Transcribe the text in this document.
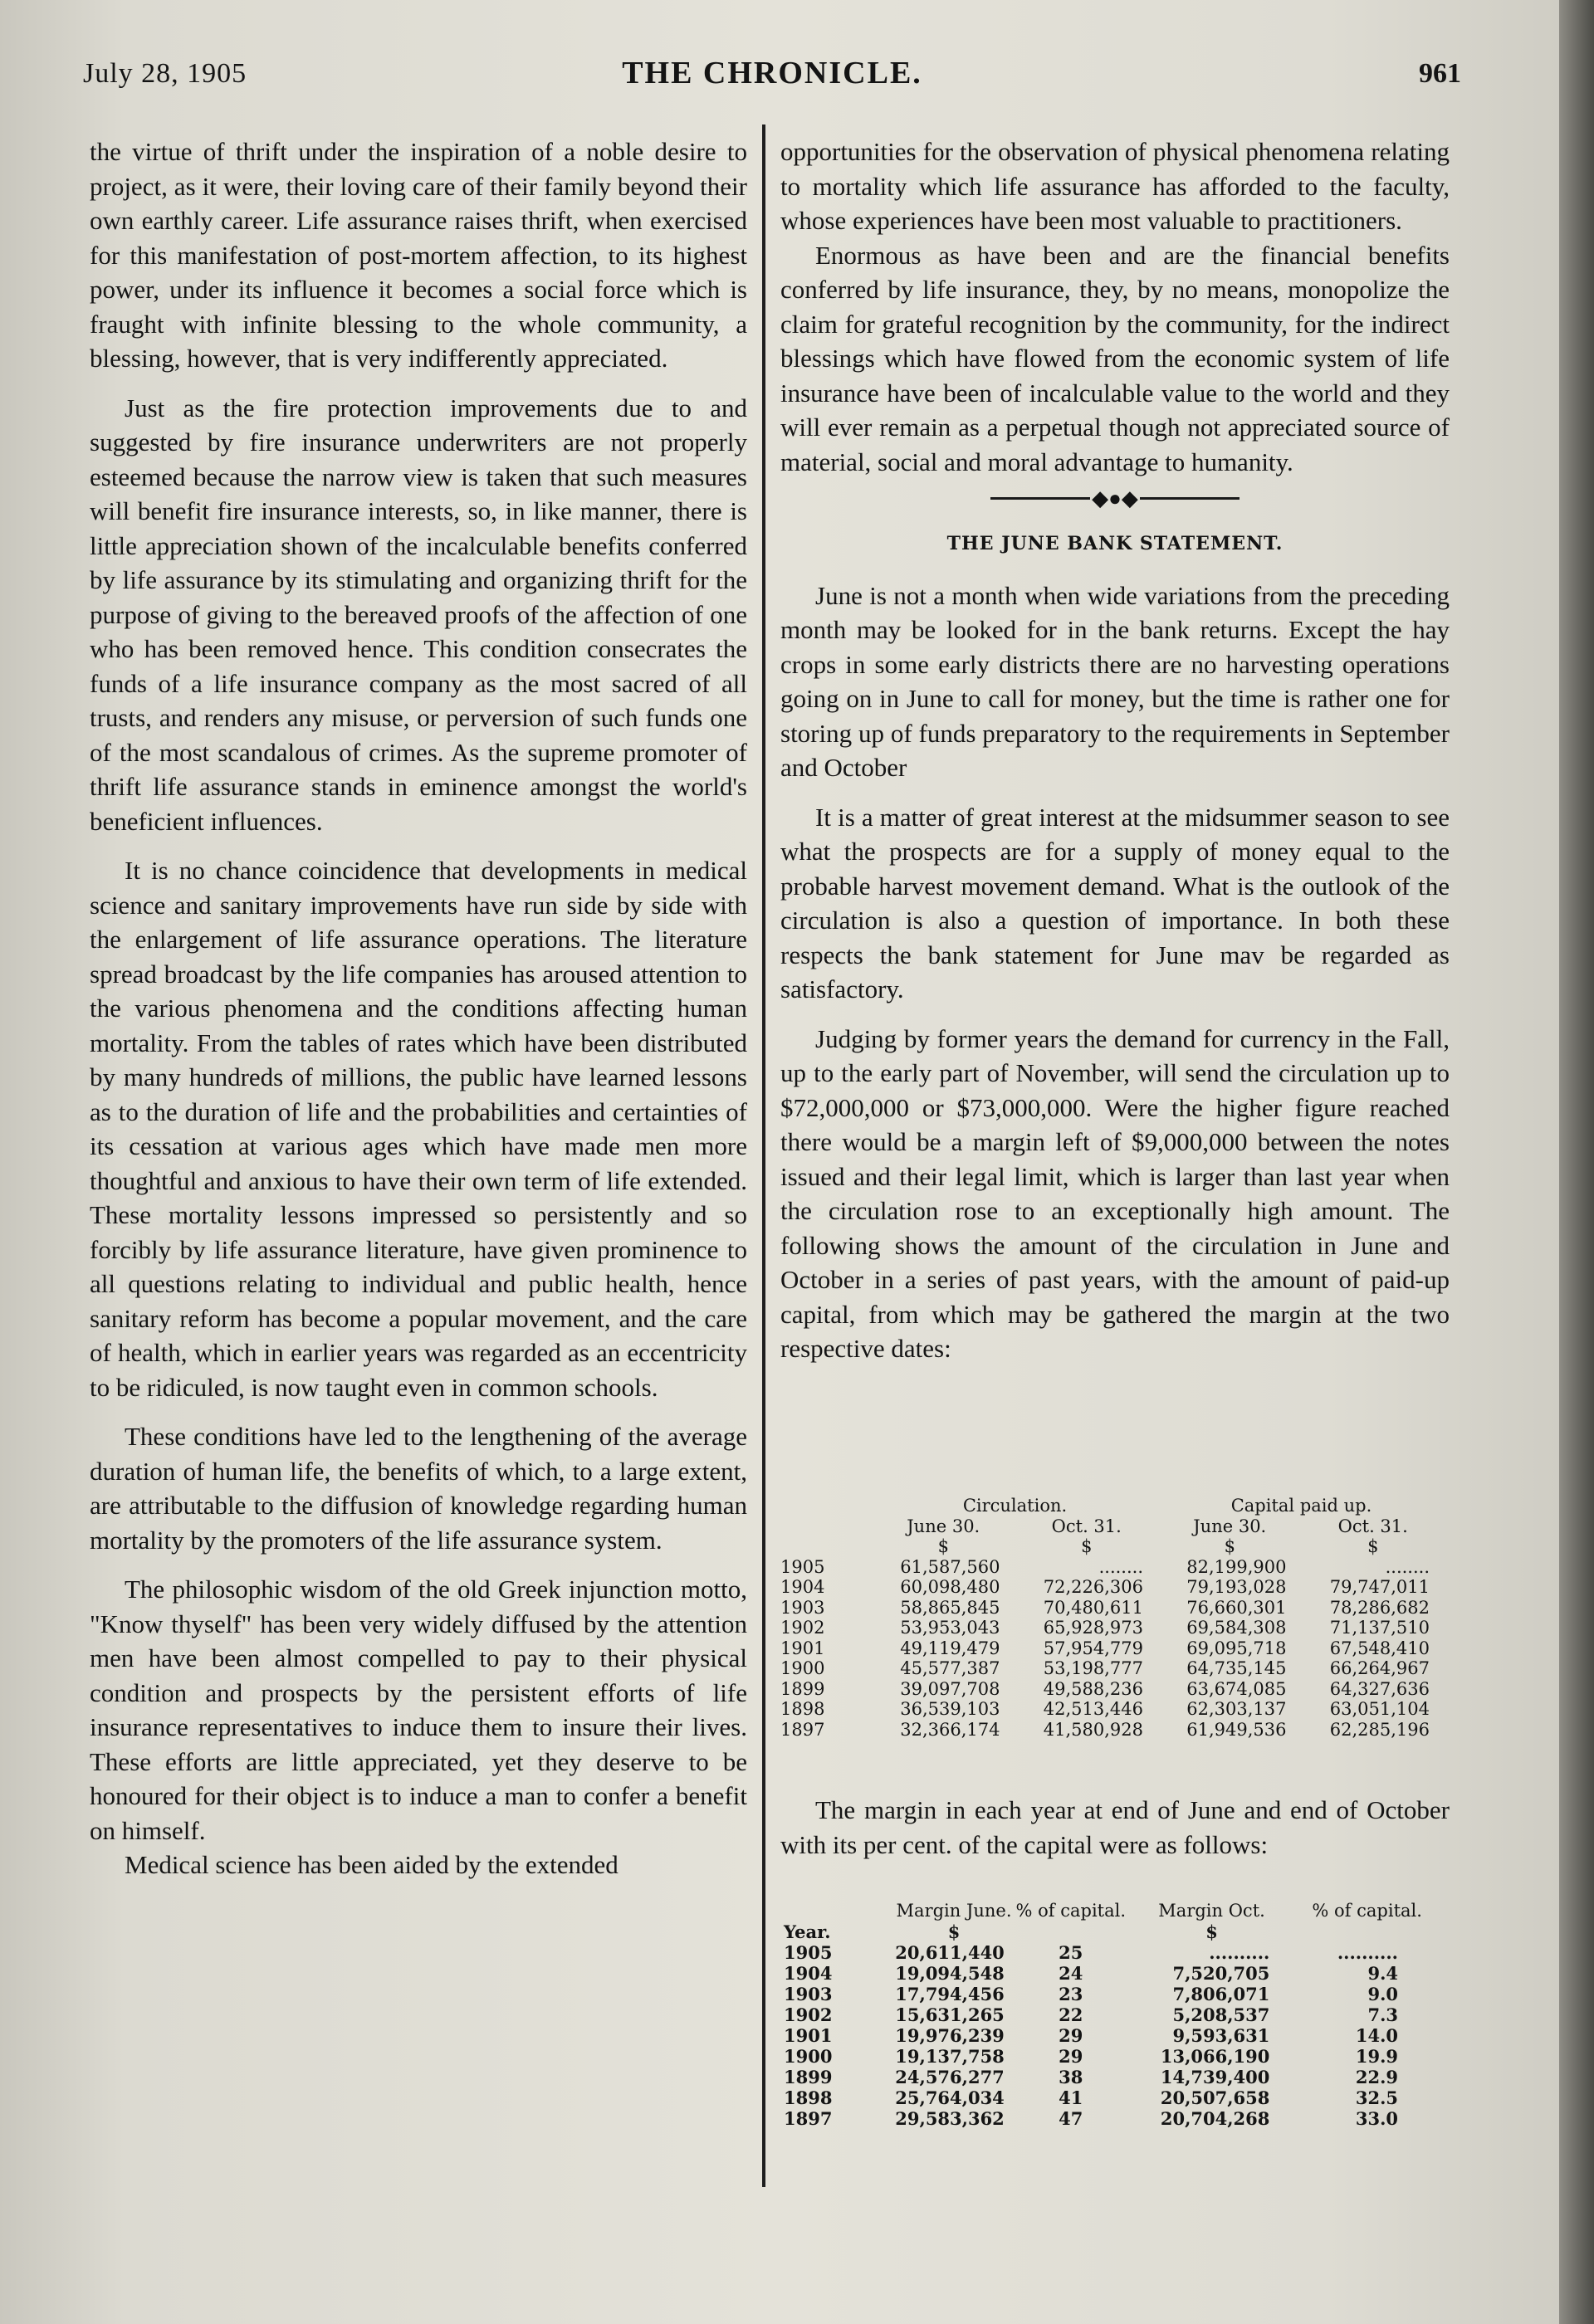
July 28, 1905	THE CHRONICLE.	961

the virtue of thrift under the inspiration of a noble desire to project, as it were, their loving care of their family beyond their own earthly career. Life assurance raises thrift, when exercised for this manifestation of post-mortem affection, to its highest power, under its influence it becomes a social force which is fraught with infinite blessing to the whole community, a blessing, however, that is very indifferently appreciated.

Just as the fire protection improvements due to and suggested by fire insurance underwriters are not properly esteemed because the narrow view is taken that such measures will benefit fire insurance interests, so, in like manner, there is little appreciation shown of the incalculable benefits conferred by life assurance by its stimulating and organizing thrift for the purpose of giving to the bereaved proofs of the affection of one who has been removed hence. This condition consecrates the funds of a life insurance company as the most sacred of all trusts, and renders any misuse, or perversion of such funds one of the most scandalous of crimes. As the supreme promoter of thrift life assurance stands in eminence amongst the world's beneficient influences.

It is no chance coincidence that developments in medical science and sanitary improvements have run side by side with the enlargement of life assurance operations. The literature spread broadcast by the life companies has aroused attention to the various phenomena and the conditions affecting human mortality. From the tables of rates which have been distributed by many hundreds of millions, the public have learned lessons as to the duration of life and the probabilities and certainties of its cessation at various ages which have made men more thoughtful and anxious to have their own term of life extended. These mortality lessons impressed so persistently and so forcibly by life assurance literature, have given prominence to all questions relating to individual and public health, hence sanitary reform has become a popular movement, and the care of health, which in earlier years was regarded as an eccentricity to be ridiculed, is now taught even in common schools.

These conditions have led to the lengthening of the average duration of human life, the benefits of which, to a large extent, are attributable to the diffusion of knowledge regarding human mortality by the promoters of the life assurance system.

The philosophic wisdom of the old Greek injunction motto, "Know thyself" has been very widely diffused by the attention men have been almost compelled to pay to their physical condition and prospects by the persistent efforts of life insurance representatives to induce them to insure their lives. These efforts are little appreciated, yet they deserve to be honoured for their object is to induce a man to confer a benefit on himself.

Medical science has been aided by the extended

opportunities for the observation of physical phenomena relating to mortality which life assurance has afforded to the faculty, whose experiences have been most valuable to practitioners.

Enormous as have been and are the financial benefits conferred by life insurance, they, by no means, monopolize the claim for grateful recognition by the community, for the indirect blessings which have flowed from the economic system of life insurance have been of incalculable value to the world and they will ever remain as a perpetual though not appreciated source of material, social and moral advantage to humanity.

◆●◆
THE JUNE BANK STATEMENT.

June is not a month when wide variations from the preceding month may be looked for in the bank returns. Except the hay crops in some early districts there are no harvesting operations going on in June to call for money, but the time is rather one for storing up of funds preparatory to the requirements in September and October

It is a matter of great interest at the midsummer season to see what the prospects are for a supply of money equal to the probable harvest movement demand. What is the outlook of the circulation is also a question of importance. In both these respects the bank statement for June mav be regarded as satisfactory.

Judging by former years the demand for currency in the Fall, up to the early part of November, will send the circulation up to $72,000,000 or $73,000,000. Were the higher figure reached there would be a margin left of $9,000,000 between the notes issued and their legal limit, which is larger than last year when the circulation rose to an exceptionally high amount. The following shows the amount of the circulation in June and October in a series of past years, with the amount of paid-up capital, from which may be gathered the margin at the two respective dates:

	Circulation.		Capital paid up.	
	June 30.	Oct. 31.	June 30.	Oct. 31.
	$	$	$	$
1905	61,587,560	........	82,199,900	........
1904	60,098,480	72,226,306	79,193,028	79,747,011
1903	58,865,845	70,480,611	76,660,301	78,286,682
1902	53,953,043	65,928,973	69,584,308	71,137,510
1901	49,119,479	57,954,779	69,095,718	67,548,410
1900	45,577,387	53,198,777	64,735,145	66,264,967
1899	39,097,708	49,588,236	63,674,085	64,327,636
1898	36,539,103	42,513,446	62,303,137	63,051,104
1897	32,366,174	41,580,928	61,949,536	62,285,196

The margin in each year at end of June and end of October with its per cent. of the capital were as follows:

	Margin June.	% of capital.	Margin Oct.	% of capital.
Year.	$		$	
1905	20,611,440	25	..........	..........
1904	19,094,548	24	7,520,705	9.4
1903	17,794,456	23	7,806,071	9.0
1902	15,631,265	22	5,208,537	7.3
1901	19,976,239	29	9,593,631	14.0
1900	19,137,758	29	13,066,190	19.9
1899	24,576,277	38	14,739,400	22.9
1898	25,764,034	41	20,507,658	32.5
1897	29,583,362	47	20,704,268	33.0
